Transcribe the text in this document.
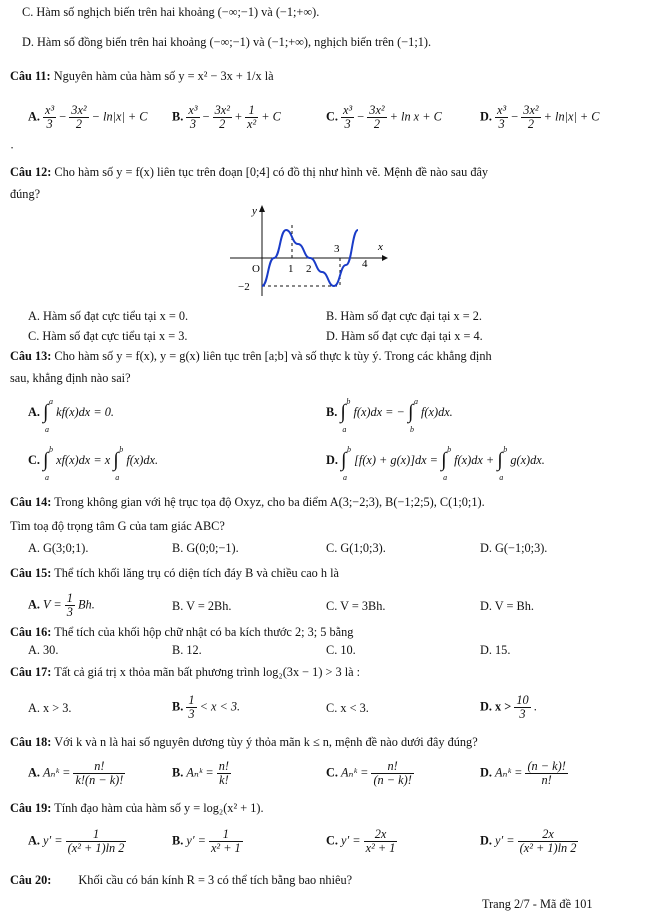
C. Hàm số nghịch biến trên hai khoảng (−∞;−1) và (−1;+∞).
D. Hàm số đồng biến trên hai khoảng (−∞;−1) và (−1;+∞), nghịch biến trên (−1;1).
Câu 11: Nguyên hàm của hàm số y = x² − 3x + 1/x là
A. $\frac{\text{x³}}{3} - \frac{\text{3x²}}{2} - \ln|x| + C$ B. $\frac{\text{x³}}{3} - \frac{\text{3x²}}{2} + \frac{1}{\text{x²}} + C$	C. $\frac{\text{x³}}{3} - \frac{\text{3x²}}{2} + \ln x + C$	D. $\frac{\text{x³}}{3} - \frac{\text{3x²}}{2} + \ln|x| + C$
·
Câu 12: Cho hàm số y = f(x) liên tục trên đoạn [0;4] có đồ thị như hình vẽ. Mệnh đề nào sau đây
đúng?
y
x
O	1 2	4
3
−2
A. Hàm số đạt cực tiểu tại x = 0.	B. Hàm số đạt cực đại tại x = 2.
C. Hàm số đạt cực tiểu tại x = 3.	D. Hàm số đạt cực đại tại x = 4.
Câu 13: Cho hàm số y = f(x), y = g(x) liên tục trên [a;b] và số thực k tùy ý. Trong các khẳng định
sau, khẳng định nào sai?
A.
a
∫
a
kf(x)dx = 0.	B.
b
∫
a
f(x)dx = −
a
∫
b
f(x)dx.
C.
b
∫
a
xf(x)dx = x
b
∫
a
f(x)dx.	D.
b
∫
a
[f(x) + g(x)]dx =
b
∫
a
f(x)dx +
b
∫
a
g(x)dx.
Câu 14: Trong không gian với hệ trục tọa độ Oxyz, cho ba điểm A(3;−2;3), B(−1;2;5), C(1;0;1).
Tìm toạ độ trọng tâm G của tam giác ABC?
A. G(3;0;1).	B. G(0;0;−1).	C. G(1;0;3).	D. G(−1;0;3).
Câu 15: Thể tích khối lăng trụ có diện tích đáy B và chiều cao h là
A. $V = \frac{1}{3} Bh$.	B. V = 2Bh.	C. V = 3Bh.	D. V = Bh.
Câu 16: Thể tích của khối hộp chữ nhật có ba kích thước 2; 3; 5 bằng
A. 30.	B. 12.	C. 10.	D. 15.
Câu 17: Tất cả giá trị x thỏa mãn bất phương trình log₂(3x − 1) > 3 là :
A. x > 3.	B. $\frac{1}{3} < x < 3$.	C. x < 3.	D. $x > \frac{10}{3}$ .
Câu 18: Với k và n là hai số nguyên dương tùy ý thỏa mãn k ≤ n, mệnh đề nào dưới đây đúng?
A. Aₙᵏ = $\frac{n!}{k!(n - k)!}$	B. Aₙᵏ = $\frac{n!}{k!}$	C. Aₙᵏ = $\frac{n!}{(n - k)!}$	D. Aₙᵏ = $\frac{(n - k)!}{n!}$
Câu 19: Tính đạo hàm của hàm số y = log₂(x² + 1).
A. $y' = \frac{1}{\text{(x² + 1)ln 2}}$	B. $y' = \frac{1}{\text{x² + 1}}$	C. $y' = \frac{2x}{\text{x² + 1}}$	D. $y' = \frac{2x}{\text{(x² + 1)ln 2}}$
Câu 20: Khối cầu có bán kính R = 3 có thể tích bằng bao nhiêu?
Trang 2/7 - Mã đề 101
